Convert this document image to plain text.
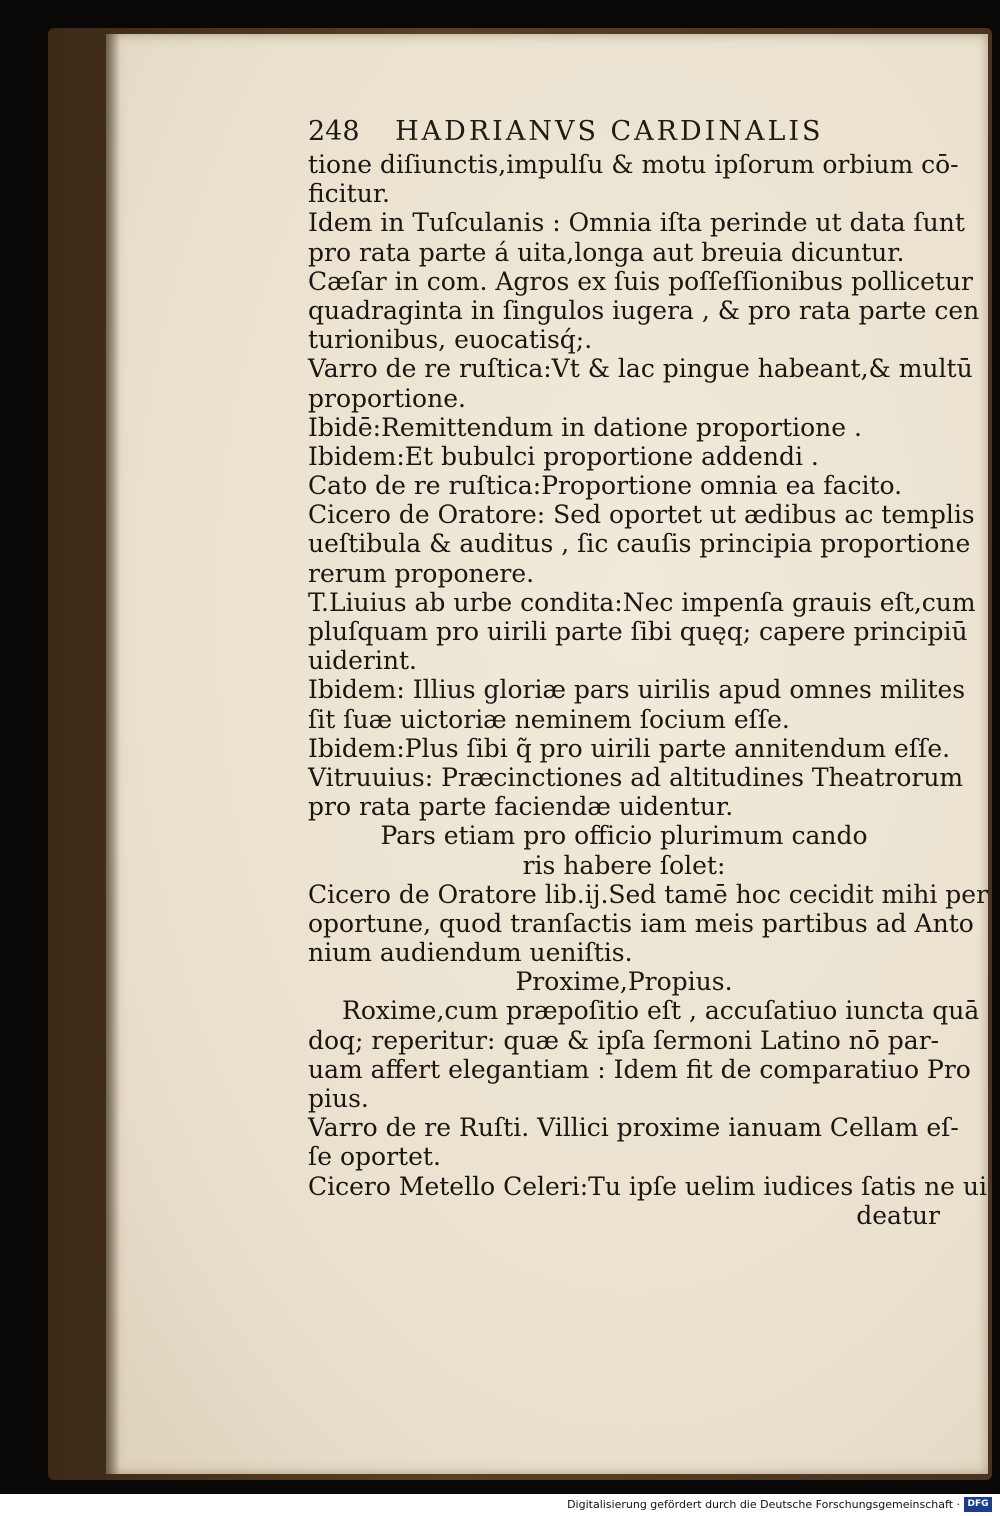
248 HADRIANVS CARDINALIS
tione diſiunctis,impulſu & motu ipſorum orbium cō-
ficitur.
Idem in Tuſculanis : Omnia iſta perinde ut data ſunt
pro rata parte á uita,longa aut breuia dicuntur.
Cæſar in com. Agros ex ſuis poſſeſſionibus pollicetur
quadraginta in ſingulos iugera , & pro rata parte cen
turionibus, euocatisq́;.
Varro de re ruſtica:Vt & lac pingue habeant,& multū
proportione.
Ibidē:Remittendum in datione proportione .
Ibidem:Et bubulci proportione addendi .
Cato de re ruſtica:Proportione omnia ea facito.
Cicero de Oratore: Sed oportet ut ædibus ac templis
ueſtibula & auditus , ſic cauſis principia proportione
rerum proponere.
T.Liuius ab urbe condita:Nec impenſa grauis eſt,cum
pluſquam pro uirili parte ſibi quęq; capere principiū
uiderint.
Ibidem: Illius gloriæ pars uirilis apud omnes milites
ſit ſuæ uictoriæ neminem ſocium eſſe.
Ibidem:Plus ſibi q̃ pro uirili parte annitendum eſſe.
Vitruuius: Præcinctiones ad altitudines Theatrorum
pro rata parte faciendæ uidentur.
Pars etiam pro officio plurimum cando
ris habere ſolet:
Cicero de Oratore lib.ij.Sed tamē hoc cecidit mihi per
oportune, quod tranſactis iam meis partibus ad Anto
nium audiendum ueniſtis.
Proxime,Propius.
Roxime,cum præpoſitio eſt , accuſatiuo iuncta quā
doq; reperitur: quæ & ipſa ſermoni Latino nō par-
uam affert elegantiam : Idem fit de comparatiuo Pro
pius.
Varro de re Ruſti. Villici proxime ianuam Cellam eſ-
ſe oportet.
Cicero Metello Celeri:Tu ipſe uelim iudices ſatis ne ui
deatur
Digitalisierung gefördert durch die Deutsche Forschungsgemeinschaft · DFG
